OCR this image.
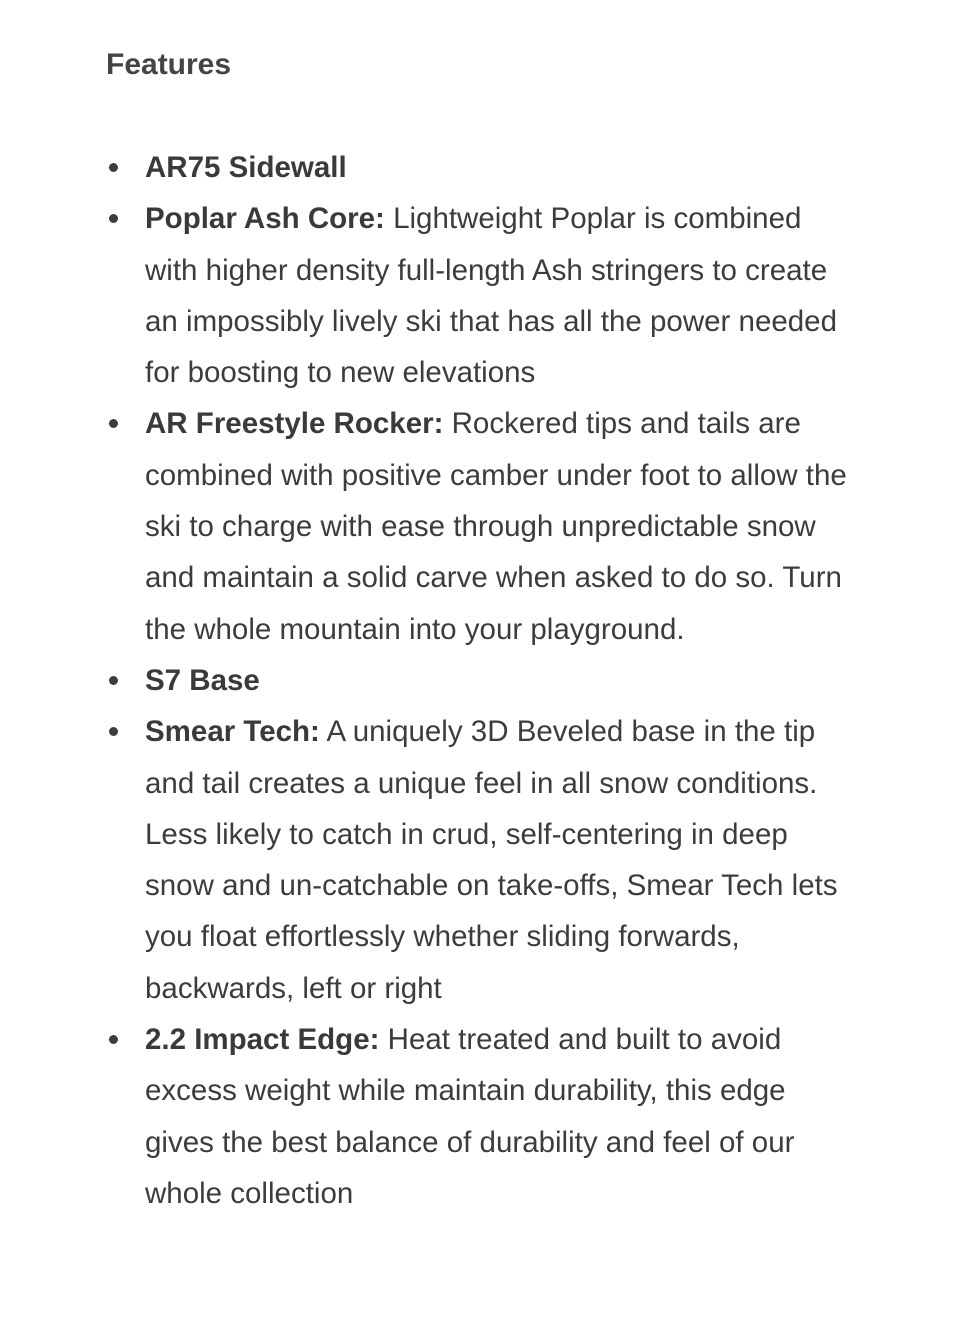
Features
AR75 Sidewall
Poplar Ash Core: Lightweight Poplar is combined with higher density full-length Ash stringers to create an impossibly lively ski that has all the power needed for boosting to new elevations
AR Freestyle Rocker: Rockered tips and tails are combined with positive camber under foot to allow the ski to charge with ease through unpredictable snow and maintain a solid carve when asked to do so. Turn the whole mountain into your playground.
S7 Base
Smear Tech: A uniquely 3D Beveled base in the tip and tail creates a unique feel in all snow conditions. Less likely to catch in crud, self-centering in deep snow and un-catchable on take-offs, Smear Tech lets you float effortlessly whether sliding forwards, backwards, left or right
2.2 Impact Edge: Heat treated and built to avoid excess weight while maintain durability, this edge gives the best balance of durability and feel of our whole collection
